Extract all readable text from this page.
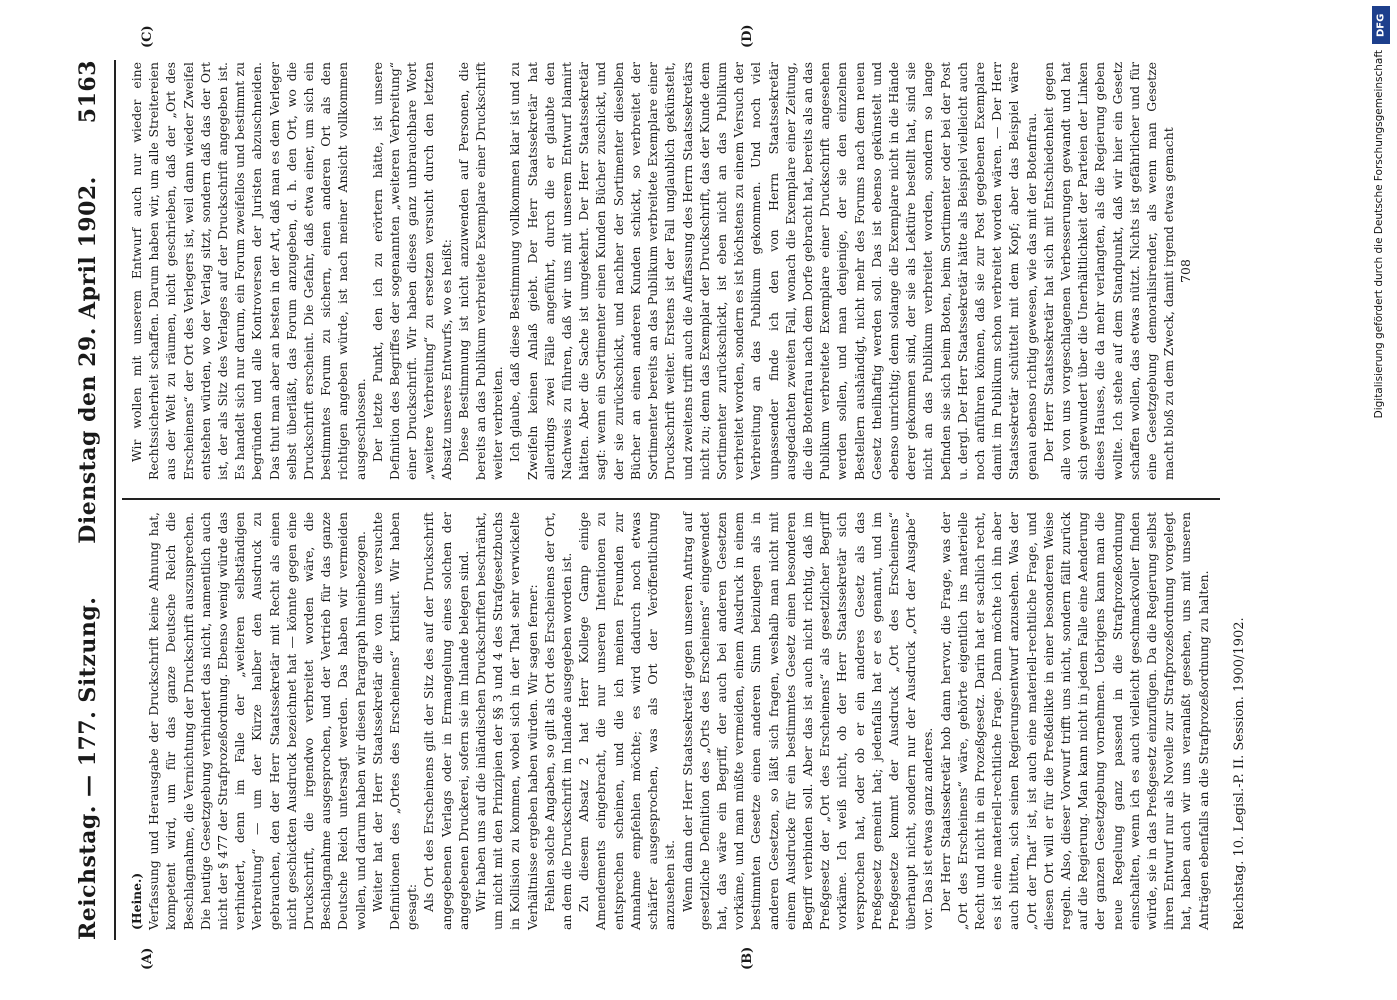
Reichstag. — 177. Sitzung.
Dienstag den 29. April 1902.
5163
(A)	(B)
(C)	(D)

(Heine.) Verfassung und Herausgabe der Druckschrift keine Ahnung hat, kompetent wird, um für das ganze Deutsche Reich die Beschlagnahme, die Vernichtung der Druckschrift auszusprechen. Die heutige Gesetzgebung verhindert das nicht, namentlich auch nicht der § 477 der Strafprozeßordnung. Ebenso wenig würde das verhindert, denn im Falle der „weiteren selbständigen Verbreitung“ — um der Kürze halber den Ausdruck zu gebrauchen, den der Herr Staatssekretär mit Recht als einen nicht geschickten Ausdruck bezeichnet hat — könnte gegen eine Druckschrift, die irgendwo verbreitet worden wäre, die Beschlagnahme ausgesprochen, und der Vertrieb für das ganze Deutsche Reich untersagt werden. Das haben wir vermeiden wollen, und darum haben wir diesen Paragraph hineinbezogen. Weiter hat der Herr Staatssekretär die von uns versuchte Definitionen des „Ortes des Erscheinens“ kritisirt. Wir haben gesagt: Als Ort des Erscheinens gilt der Sitz des auf der Druckschrift angegebenen Verlags oder in Ermangelung eines solchen der angegebenen Druckerei, sofern sie im Inlande belegen sind. Wir haben uns auf die inländischen Druckschriften beschränkt, um nicht mit den Prinzipien der §§ 3 und 4 des Strafgesetzbuchs in Kollision zu kommen, wobei sich in der That sehr verwickelte Verhältnisse ergeben haben würden. Wir sagen ferner: Fehlen solche Angaben, so gilt als Ort des Erscheinens der Ort, an dem die Druckschrift im Inlande ausgegeben worden ist. Zu diesem Absatz 2 hat Herr Kollege Gamp einige Amendements eingebracht, die nur unseren Intentionen zu entsprechen scheinen, und die ich meinen Freunden zur Annahme empfehlen möchte; es wird dadurch noch etwas schärfer ausgesprochen, was als Ort der Veröffentlichung anzusehen ist. Wenn dann der Herr Staatssekretär gegen unseren Antrag auf gesetzliche Definition des „Orts des Erscheinens“ eingewendet hat, das wäre ein Begriff, der auch bei anderen Gesetzen vorkäme, und man müßte vermeiden, einem Ausdruck in einem bestimmten Gesetze einen anderen Sinn beizulegen als in anderen Gesetzen, so läßt sich fragen, weshalb man nicht mit einem Ausdrucke für ein bestimmtes Gesetz einen besonderen Begriff verbinden soll. Aber das ist auch nicht richtig, daß im Preßgesetz der „Ort des Erscheinens“ als gesetzlicher Begriff vorkäme. Ich weiß nicht, ob der Herr Staatssekretär sich versprochen hat, oder ob er ein anderes Gesetz als das Preßgesetz gemeint hat; jedenfalls hat er es genannt, und im Preßgesetze kommt der Ausdruck „Ort des Erscheinens“ überhaupt nicht, sondern nur der Ausdruck „Ort der Ausgabe“ vor. Das ist etwas ganz anderes. Der Herr Staatssekretär hob dann hervor, die Frage, was der „Ort des Erscheinens“ wäre, gehörte eigentlich ins materielle Recht und nicht in ein Prozeßgesetz. Darin hat er sachlich recht, es ist eine materiell-rechtliche Frage. Dann möchte ich ihn aber auch bitten, sich seinen Regierungsentwurf anzusehen. Was der „Ort der That“ ist, ist auch eine materiell-rechtliche Frage, und diesen Ort will er für die Preßdelikte in einer besonderen Weise regeln. Also, dieser Vorwurf trifft uns nicht, sondern fällt zurück auf die Regierung. Man kann nicht in jedem Falle eine Aenderung der ganzen Gesetzgebung vornehmen. Uebrigens kann man die neue Regelung ganz passend in die Strafprozeßordnung einschalten, wenn ich es auch vielleicht geschmackvoller finden würde, sie in das Preßgesetz einzufügen. Da die Regierung selbst ihren Entwurf nur als Novelle zur Strafprozeßordnung vorgelegt hat, haben auch wir uns veranlaßt gesehen, uns mit unseren Anträgen ebenfalls an die Strafprozeßordnung zu halten.

Wir wollen mit unserem Entwurf auch nur wieder eine Rechtssicherheit schaffen. Darum haben wir, um alle Streitereien aus der Welt zu räumen, nicht geschrieben, daß der „Ort des Erscheinens“ der Ort des Verlegers ist, weil dann wieder Zweifel entstehen würden, wo der Verlag sitzt, sondern daß das der Ort ist, der als Sitz des Verlages auf der Druckschrift angegeben ist. Es handelt sich nur darum, ein Forum zweifellos und bestimmt zu begründen und alle Kontroversen der Juristen abzuschneiden. Das thut man aber an besten in der Art, daß man es dem Verleger selbst überläßt, das Forum anzugeben, d. h. den Ort, wo die Druckschrift erscheint. Die Gefahr, daß etwa einer, um sich ein bestimmtes Forum zu sichern, einen anderen Ort als den richtigen angeben würde, ist nach meiner Ansicht vollkommen ausgeschlossen. Der letzte Punkt, den ich zu erörtern hätte, ist unsere Definition des Begriffes der sogenannten „weiteren Verbreitung“ einer Druckschrift. Wir haben dieses ganz unbrauchbare Wort „weitere Verbreitung“ zu ersetzen versucht durch den letzten Absatz unseres Entwurfs, wo es heißt: Diese Bestimmung ist nicht anzuwenden auf Personen, die bereits an das Publikum verbreitete Exemplare einer Druckschrift weiter verbreiten. Ich glaube, daß diese Bestimmung vollkommen klar ist und zu Zweifeln keinen Anlaß giebt. Der Herr Staatssekretär hat allerdings zwei Fälle angeführt, durch die er glaubte den Nachweis zu führen, daß wir uns mit unserem Entwurf blamirt hätten. Aber die Sache ist umgekehrt. Der Herr Staatssekretär sagt: wenn ein Sortimenter einen Kunden Bücher zuschickt, und der sie zurückschickt, und nachher der Sortimenter dieselben Bücher an einen anderen Kunden schickt, so verbreitet der Sortimenter bereits an das Publikum verbreitete Exemplare einer Druckschrift weiter. Erstens ist der Fall unglaublich gekünstelt, und zweitens trifft auch die Auffassung des Herrn Staatssekretärs nicht zu; denn das Exemplar der Druckschrift, das der Kunde dem Sortimenter zurückschickt, ist eben nicht an das Publikum verbreitet worden, sondern es ist höchstens zu einem Versuch der Verbreitung an das Publikum gekommen. Und noch viel unpassender finde ich den von Herrn Staatssekretär ausgedachten zweiten Fall, wonach die Exemplare einer Zeitung, die die Botenfrau nach dem Dorfe gebracht hat, bereits als an das Publikum verbreitete Exemplare einer Druckschrift angesehen werden sollen, und man denjenige, der sie den einzelnen Bestellern aushändigt, nicht mehr des Forums nach dem neuen Gesetz theilhaftig werden soll. Das ist ebenso gekünstelt und ebenso unrichtig; denn solange die Exemplare nicht in die Hände derer gekommen sind, der sie als Lektüre bestellt hat, sind sie nicht an das Publikum verbreitet worden, sondern so lange befinden sie sich beim Boten, beim Sortimenter oder bei der Post u. dergl. Der Herr Staatssekretär hätte als Beispiel vielleicht auch noch anführen können, daß sie zur Post gegebenen Exemplare damit im Publikum schon verbreitet worden wären. — Der Herr Staatssekretär schüttelt mit dem Kopf; aber das Beispiel wäre genau ebenso richtig gewesen, wie das mit der Botenfrau. Der Herr Staatssekretär hat sich mit Entschiedenheit gegen alle von uns vorgeschlagenen Verbesserungen gewandt und hat sich gewundert über die Unerhältlichkeit der Parteien der Linken dieses Hauses, die da mehr verlangten, als die Regierung geben wollte. Ich stehe auf dem Standpunkt, daß wir hier ein Gesetz schaffen wollen, das etwas nützt. Nichts ist gefährlicher und für eine Gesetzgebung demoralisirender, als wenn man Gesetze macht bloß zu dem Zweck, damit irgend etwas gemacht 708

Reichstag. 10. Legisl.-P. II. Session. 1900/1902.
DFG
Digitalisierung gefördert durch die Deutsche Forschungsgemeinschaft
